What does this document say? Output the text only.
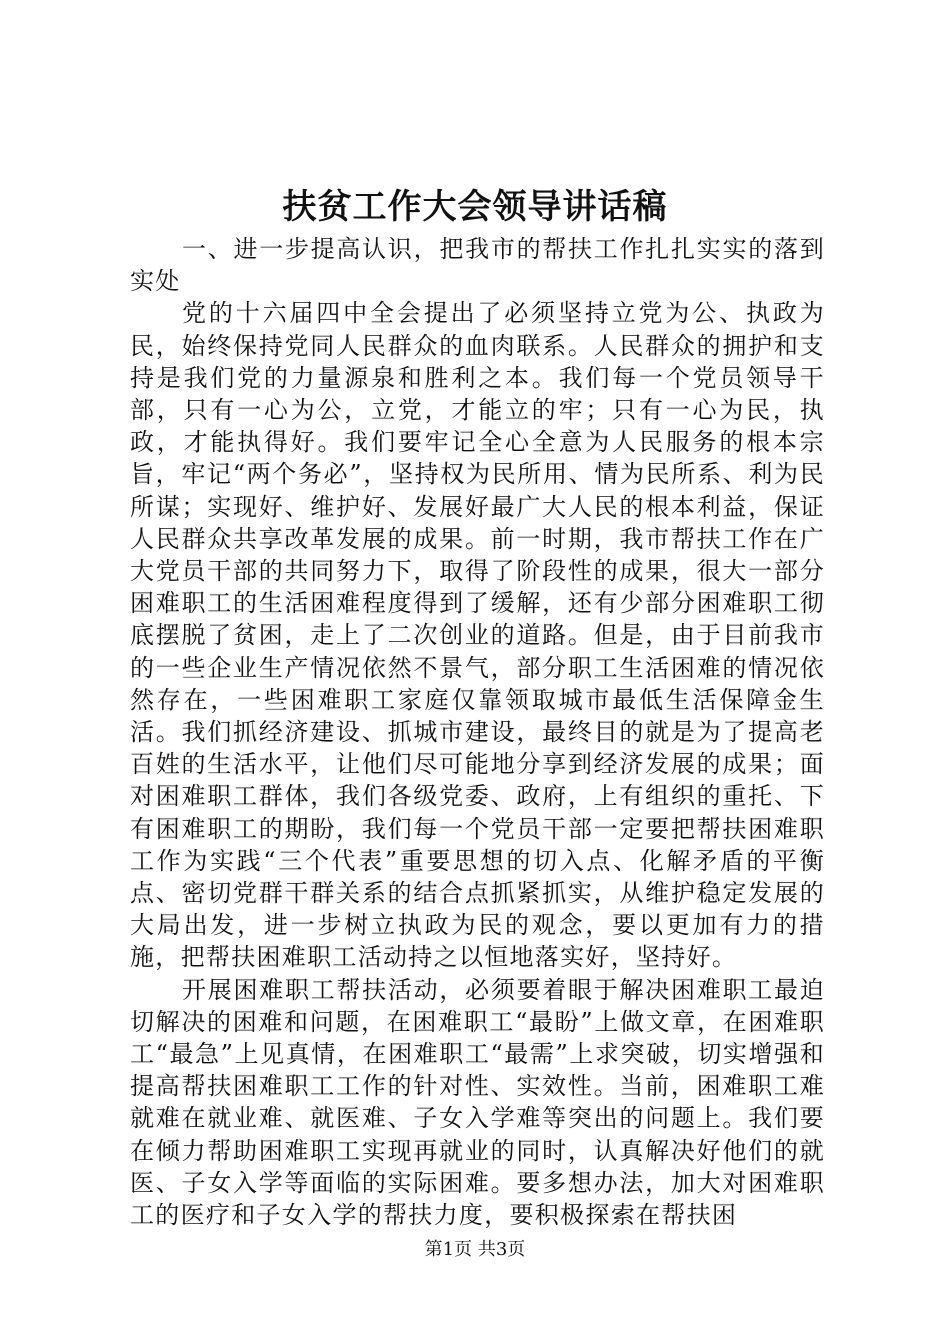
扶贫工作大会领导讲话稿

一、进一步提高认识，把我市的帮扶工作扎扎实实的落到实处

党的十六届四中全会提出了必须坚持立党为公、执政为民，始终保持党同人民群众的血肉联系。人民群众的拥护和支持是我们党的力量源泉和胜利之本。我们每一个党员领导干部，只有一心为公，立党，才能立的牢；只有一心为民，执政，才能执得好。我们要牢记全心全意为人民服务的根本宗旨，牢记“两个务必”，坚持权为民所用、情为民所系、利为民所谋；实现好、维护好、发展好最广大人民的根本利益，保证人民群众共享改革发展的成果。前一时期，我市帮扶工作在广大党员干部的共同努力下，取得了阶段性的成果，很大一部分困难职工的生活困难程度得到了缓解，还有少部分困难职工彻底摆脱了贫困，走上了二次创业的道路。但是，由于目前我市的一些企业生产情况依然不景气，部分职工生活困难的情况依然存在，一些困难职工家庭仅靠领取城市最低生活保障金生活。我们抓经济建设、抓城市建设，最终目的就是为了提高老百姓的生活水平，让他们尽可能地分享到经济发展的成果；面对困难职工群体，我们各级党委、政府，上有组织的重托、下有困难职工的期盼，我们每一个党员干部一定要把帮扶困难职工作为实践“三个代表”重要思想的切入点、化解矛盾的平衡点、密切党群干群关系的结合点抓紧抓实，从维护稳定发展的大局出发，进一步树立执政为民的观念，要以更加有力的措施，把帮扶困难职工活动持之以恒地落实好，坚持好。

开展困难职工帮扶活动，必须要着眼于解决困难职工最迫切解决的困难和问题，在困难职工“最盼”上做文章，在困难职工“最急”上见真情，在困难职工“最需”上求突破，切实增强和提高帮扶困难职工工作的针对性、实效性。当前，困难职工难就难在就业难、就医难、子女入学难等突出的问题上。我们要在倾力帮助困难职工实现再就业的同时，认真解决好他们的就医、子女入学等面临的实际困难。要多想办法，加大对困难职工的医疗和子女入学的帮扶力度，要积极探索在帮扶困

第1页 共3页
